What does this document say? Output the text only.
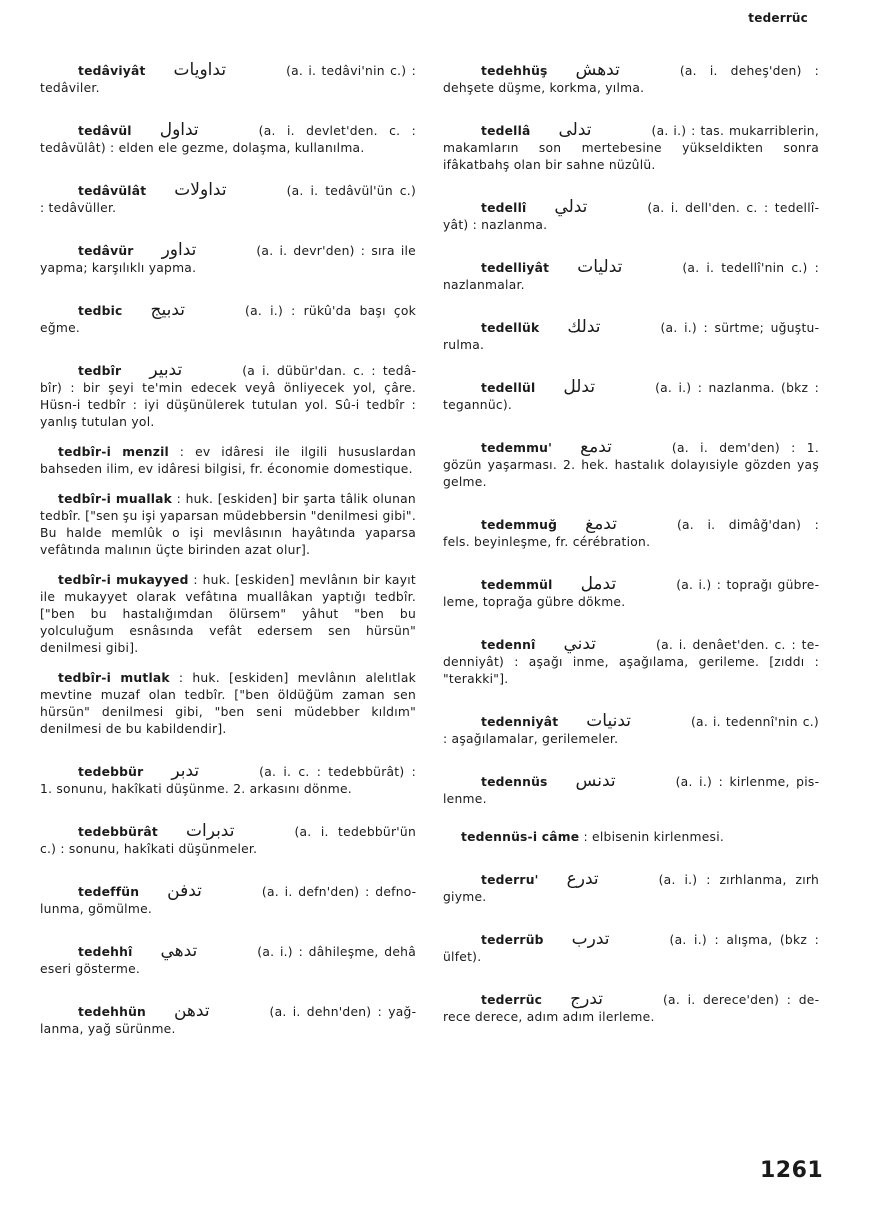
tederrüc

tedâviyât تداويات	(a. i. tedâvi'nin c.) : tedâviler.

tedâvül تداول	(a. i. devlet'den. c. : tedâvülât) : elden ele gezme, dolaşma, kullanılma.

tedâvülât تداولات	(a. i. tedâvül'ün c.) : tedâvüller.

tedâvür تداور	(a. i. devr'den) : sıra ile yapma; karşılıklı yapma.

tedbic تدبيج	(a. i.) : rükû'da başı çok eğme.

tedbîr تدبير	(a i. dübür'dan. c. : tedâbîr) : bir şeyi te'min edecek veyâ önliyecek yol, çâre. Hüsn-i tedbîr : iyi düşünülerek tutulan yol. Sû-i tedbîr : yanlış tutulan yol.

tedbîr-i menzil : ev idâresi ile ilgili hususlardan bahseden ilim, ev idâresi bilgisi, fr. économie domestique.

tedbîr-i muallak : huk. [eskiden] bir şarta tâlik olunan tedbîr. ["sen şu işi yaparsan müdebbersin "denilmesi gibi". Bu halde memlûk o işi mevlâsının hayâtında yaparsa vefâtında malının üçte birinden azat olur].

tedbîr-i mukayyed : huk. [eskiden] mevlânın bir kayıt ile mukayyet olarak vefâtına muallâkan yaptığı tedbîr. ["ben bu hastalığımdan ölürsem" yâhut "ben bu yolculuğum esnâsında vefât edersem sen hürsün" denilmesi gibi].

tedbîr-i mutlak : huk. [eskiden] mevlânın alelıtlak mevtine muzaf olan tedbîr. ["ben öldüğüm zaman sen hürsün" denilmesi gibi, "ben seni müdebber kıldım" denilmesi de bu kabildendir].

tedebbür تدبر	(a. i. c. : tedebbürât) : 1. sonunu, hakîkati düşünme. 2. arkasını dönme.

tedebbürât تدبرات	(a. i. tedebbür'ün c.) : sonunu, hakîkati düşünmeler.

tedeffün تدفن	(a. i. defn'den) : defnolunma, gömülme.

tedehhî تدهي	(a. i.) : dâhileşme, dehâ eseri gösterme.

tedehhün تدهن	(a. i. dehn'den) : yağlanma, yağ sürünme.

tedehhüş تدهش	(a. i. deheş'den) : dehşete düşme, korkma, yılma.

tedellâ تدلى	(a. i.) : tas. mukarriblerin, makamların son mertebesine yükseldikten sonra ifâkatbahş olan bir sahne nüzûlü.

tedellî تدلي	(a. i. dell'den. c. : tedellîyât) : nazlanma.

tedelliyât تدليات	(a. i. tedellî'nin c.) : nazlanmalar.

tedellük تدلك	(a. i.) : sürtme; uğuşturulma.

tedellül تدلل	(a. i.) : nazlanma. (bkz : tegannüc).

tedemmu' تدمع	(a. i. dem'den) : 1. gözün yaşarması. 2. hek. hastalık dolayısiyle gözden yaş gelme.

tedemmuğ تدمغ	(a. i. dimâğ'dan) : fels. beyinleşme, fr. cérébration.

tedemmül تدمل	(a. i.) : toprağı gübreleme, toprağa gübre dökme.

tedennî تدني	(a. i. denâet'den. c. : tedenniyât) : aşağı inme, aşağılama, gerileme. [zıddı : "terakki"].

tedenniyât تدنيات	(a. i. tedennî'nin c.) : aşağılamalar, gerilemeler.

tedennüs تدنس	(a. i.) : kirlenme, pislenme.

tedennüs-i câme : elbisenin kirlenmesi.

tederru' تدرع	(a. i.) : zırhlanma, zırh giyme.

tederrüb تدرب	(a. i.) : alışma, (bkz : ülfet).

tederrüc تدرج	(a. i. derece'den) : derece derece, adım adım ilerleme.

1261
